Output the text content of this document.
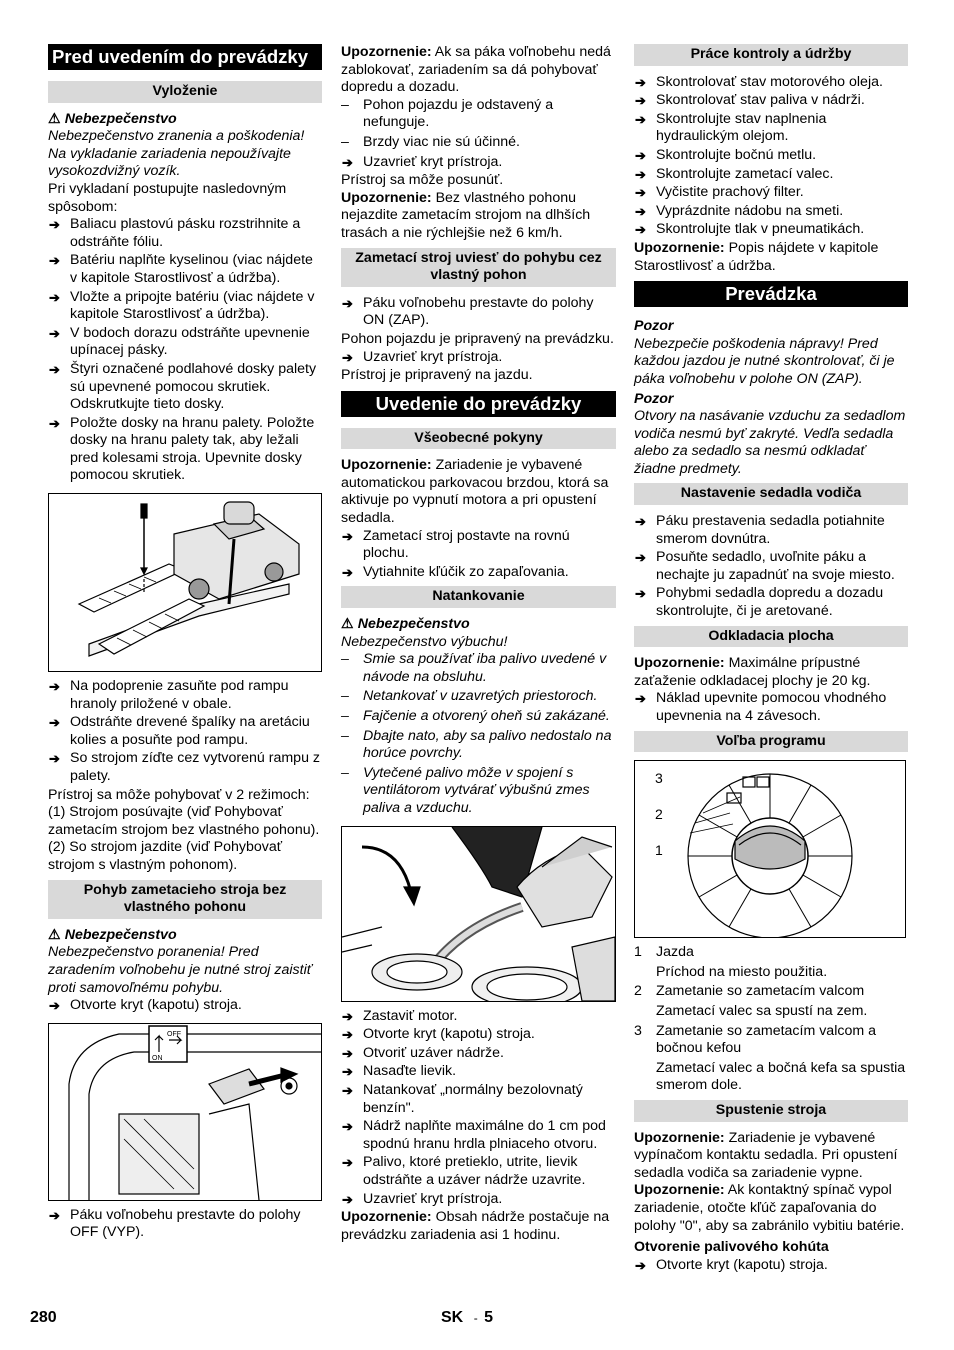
Pred uvedením do prevádzky
Vyloženie

⚠ Nebezpečenstvo

Nebezpečenstvo zranenia a poškodenia! Na vykladanie zariadenia nepoužívajte vysokozdvižný vozík.

Pri vykladaní postupujte nasledovným spôsobom:

➔ Baliacu plastovú pásku rozstrihnite a odstráňte fóliu.

➔ Batériu naplňte kyselinou (viac nájdete v kapitole Starostlivosť a údržba).

➔ Vložte a pripojte batériu (viac nájdete v kapitole Starostlivosť a údržba).

➔ V bodoch dorazu odstráňte upevnenie upínacej pásky.

➔ Štyri označené podlahové dosky palety sú upevnené pomocou skrutiek. Odskrutkujte tieto dosky.

➔ Položte dosky na hranu palety. Položte dosky na hranu palety tak, aby ležali pred kolesami stroja. Upevnite dosky pomocou skrutiek.

➔ Na podoprenie zasuňte pod rampu hranoly priložené v obale.

➔ Odstráňte drevené špalíky na aretáciu kolies a posuňte pod rampu.

➔ So strojom zíďte cez vytvorenú rampu z palety.

Prístroj sa môže pohybovať v 2 režimoch:

(1) Strojom posúvajte (viď Pohybovať zametacím strojom bez vlastného pohonu).

(2) So strojom jazdite (viď Pohybovať strojom s vlastným pohonom).

Pohyb zametacieho stroja bez vlastného pohonu

⚠ Nebezpečenstvo

Nebezpečenstvo poranenia! Pred zaradením voľnobehu je nutné stroj zaistiť proti samovoľnému pohybu.

➔ Otvorte kryt (kapotu) stroja.

OFF
ON

➔ Páku voľnobehu prestavte do polohy OFF (VYP).

Upozornenie: Ak sa páka voľnobehu nedá zablokovať, zariadením sa dá pohybovať dopredu a dozadu.

– Pohon pojazdu je odstavený a nefunguje.

– Brzdy viac nie sú účinné.

➔ Uzavrieť kryt prístroja.

Prístroj sa môže posunúť.

Upozornenie: Bez vlastného pohonu nejazdite zametacím strojom na dlhších trasách a nie rýchlejšie než 6 km/h.

Zametací stroj uviesť do pohybu cez vlastný pohon

➔ Páku voľnobehu prestavte do polohy ON (ZAP).

Pohon pojazdu je pripravený na prevádzku.

➔ Uzavrieť kryt prístroja.

Prístroj je pripravený na jazdu.

Uvedenie do prevádzky
Všeobecné pokyny

Upozornenie: Zariadenie je vybavené automatickou parkovacou brzdou, ktorá sa aktivuje po vypnutí motora a pri opustení sedadla.

➔ Zametací stroj postavte na rovnú plochu.

➔ Vytiahnite kľúčik zo zapaľovania.

Natankovanie

⚠ Nebezpečenstvo

Nebezpečenstvo výbuchu!

– Smie sa používať iba palivo uvedené v návode na obsluhu.

– Netankovať v uzavretých priestoroch.

– Fajčenie a otvorený oheň sú zakázané.

– Dbajte nato, aby sa palivo nedostalo na horúce povrchy.

– Vytečené palivo môže v spojení s ventilátorom vytvárať výbušnú zmes paliva a vzduchu.

➔ Zastaviť motor.

➔ Otvorte kryt (kapotu) stroja.

➔ Otvoriť uzáver nádrže.

➔ Nasaďte lievik.

➔ Natankovať „normálny bezolovnatý benzín".

➔ Nádrž naplňte maximálne do 1 cm pod spodnú hranu hrdla plniaceho otvoru.

➔ Palivo, ktoré pretieklo, utrite, lievik odstráňte a uzáver nádrže uzavrite.

➔ Uzavrieť kryt prístroja.

Upozornenie: Obsah nádrže postačuje na prevádzku zariadenia asi 1 hodinu.

Práce kontroly a údržby

➔ Skontrolovať stav motorového oleja.

➔ Skontrolovať stav paliva v nádrži.

➔ Skontrolujte stav naplnenia hydraulickým olejom.

➔ Skontrolujte bočnú metlu.

➔ Skontrolujte zametací valec.

➔ Vyčistite prachový filter.

➔ Vyprázdnite nádobu na smeti.

➔ Skontrolujte tlak v pneumatikách.

Upozornenie: Popis nájdete v kapitole Starostlivosť a údržba.

Prevádzka

Pozor

Nebezpečie poškodenia nápravy! Pred každou jazdou je nutné skontrolovať, či je páka voľnobehu v polohe ON (ZAP).

Pozor

Otvory na nasávanie vzduchu za sedadlom vodiča nesmú byť zakryté. Vedľa sedadla alebo za sedadlo sa nesmú odkladať žiadne predmety.

Nastavenie sedadla vodiča

➔ Páku prestavenia sedadla potiahnite smerom dovnútra.

➔ Posuňte sedadlo, uvoľnite páku a nechajte ju zapadnúť na svoje miesto.

➔ Pohybmi sedadla dopredu a dozadu skontrolujte, či je aretované.

Odkladacia plocha

Upozornenie: Maximálne prípustné zaťaženie odkladacej plochy je 20 kg.

➔ Náklad upevnite pomocou vhodného upevnenia na 4 závesoch.

Voľba programu
3
2
1

1 Jazda

Príchod na miesto použitia.

2 Zametanie so zametacím valcom

Zametací valec sa spustí na zem.

3 Zametanie so zametacím valcom a bočnou kefou

Zametací valec a bočná kefa sa spustia smerom dole.

Spustenie stroja

Upozornenie: Zariadenie je vybavené vypínačom kontaktu sedadla. Pri opustení sedadla vodiča sa zariadenie vypne.

Upozornenie: Ak kontaktný spínač vypol zariadenie, otočte kľúč zapaľovania do polohy "0", aby sa zabránilo vybitiu batérie.

Otvorenie palivového kohúta

➔ Otvorte kryt (kapotu) stroja.

280	SK - 5
